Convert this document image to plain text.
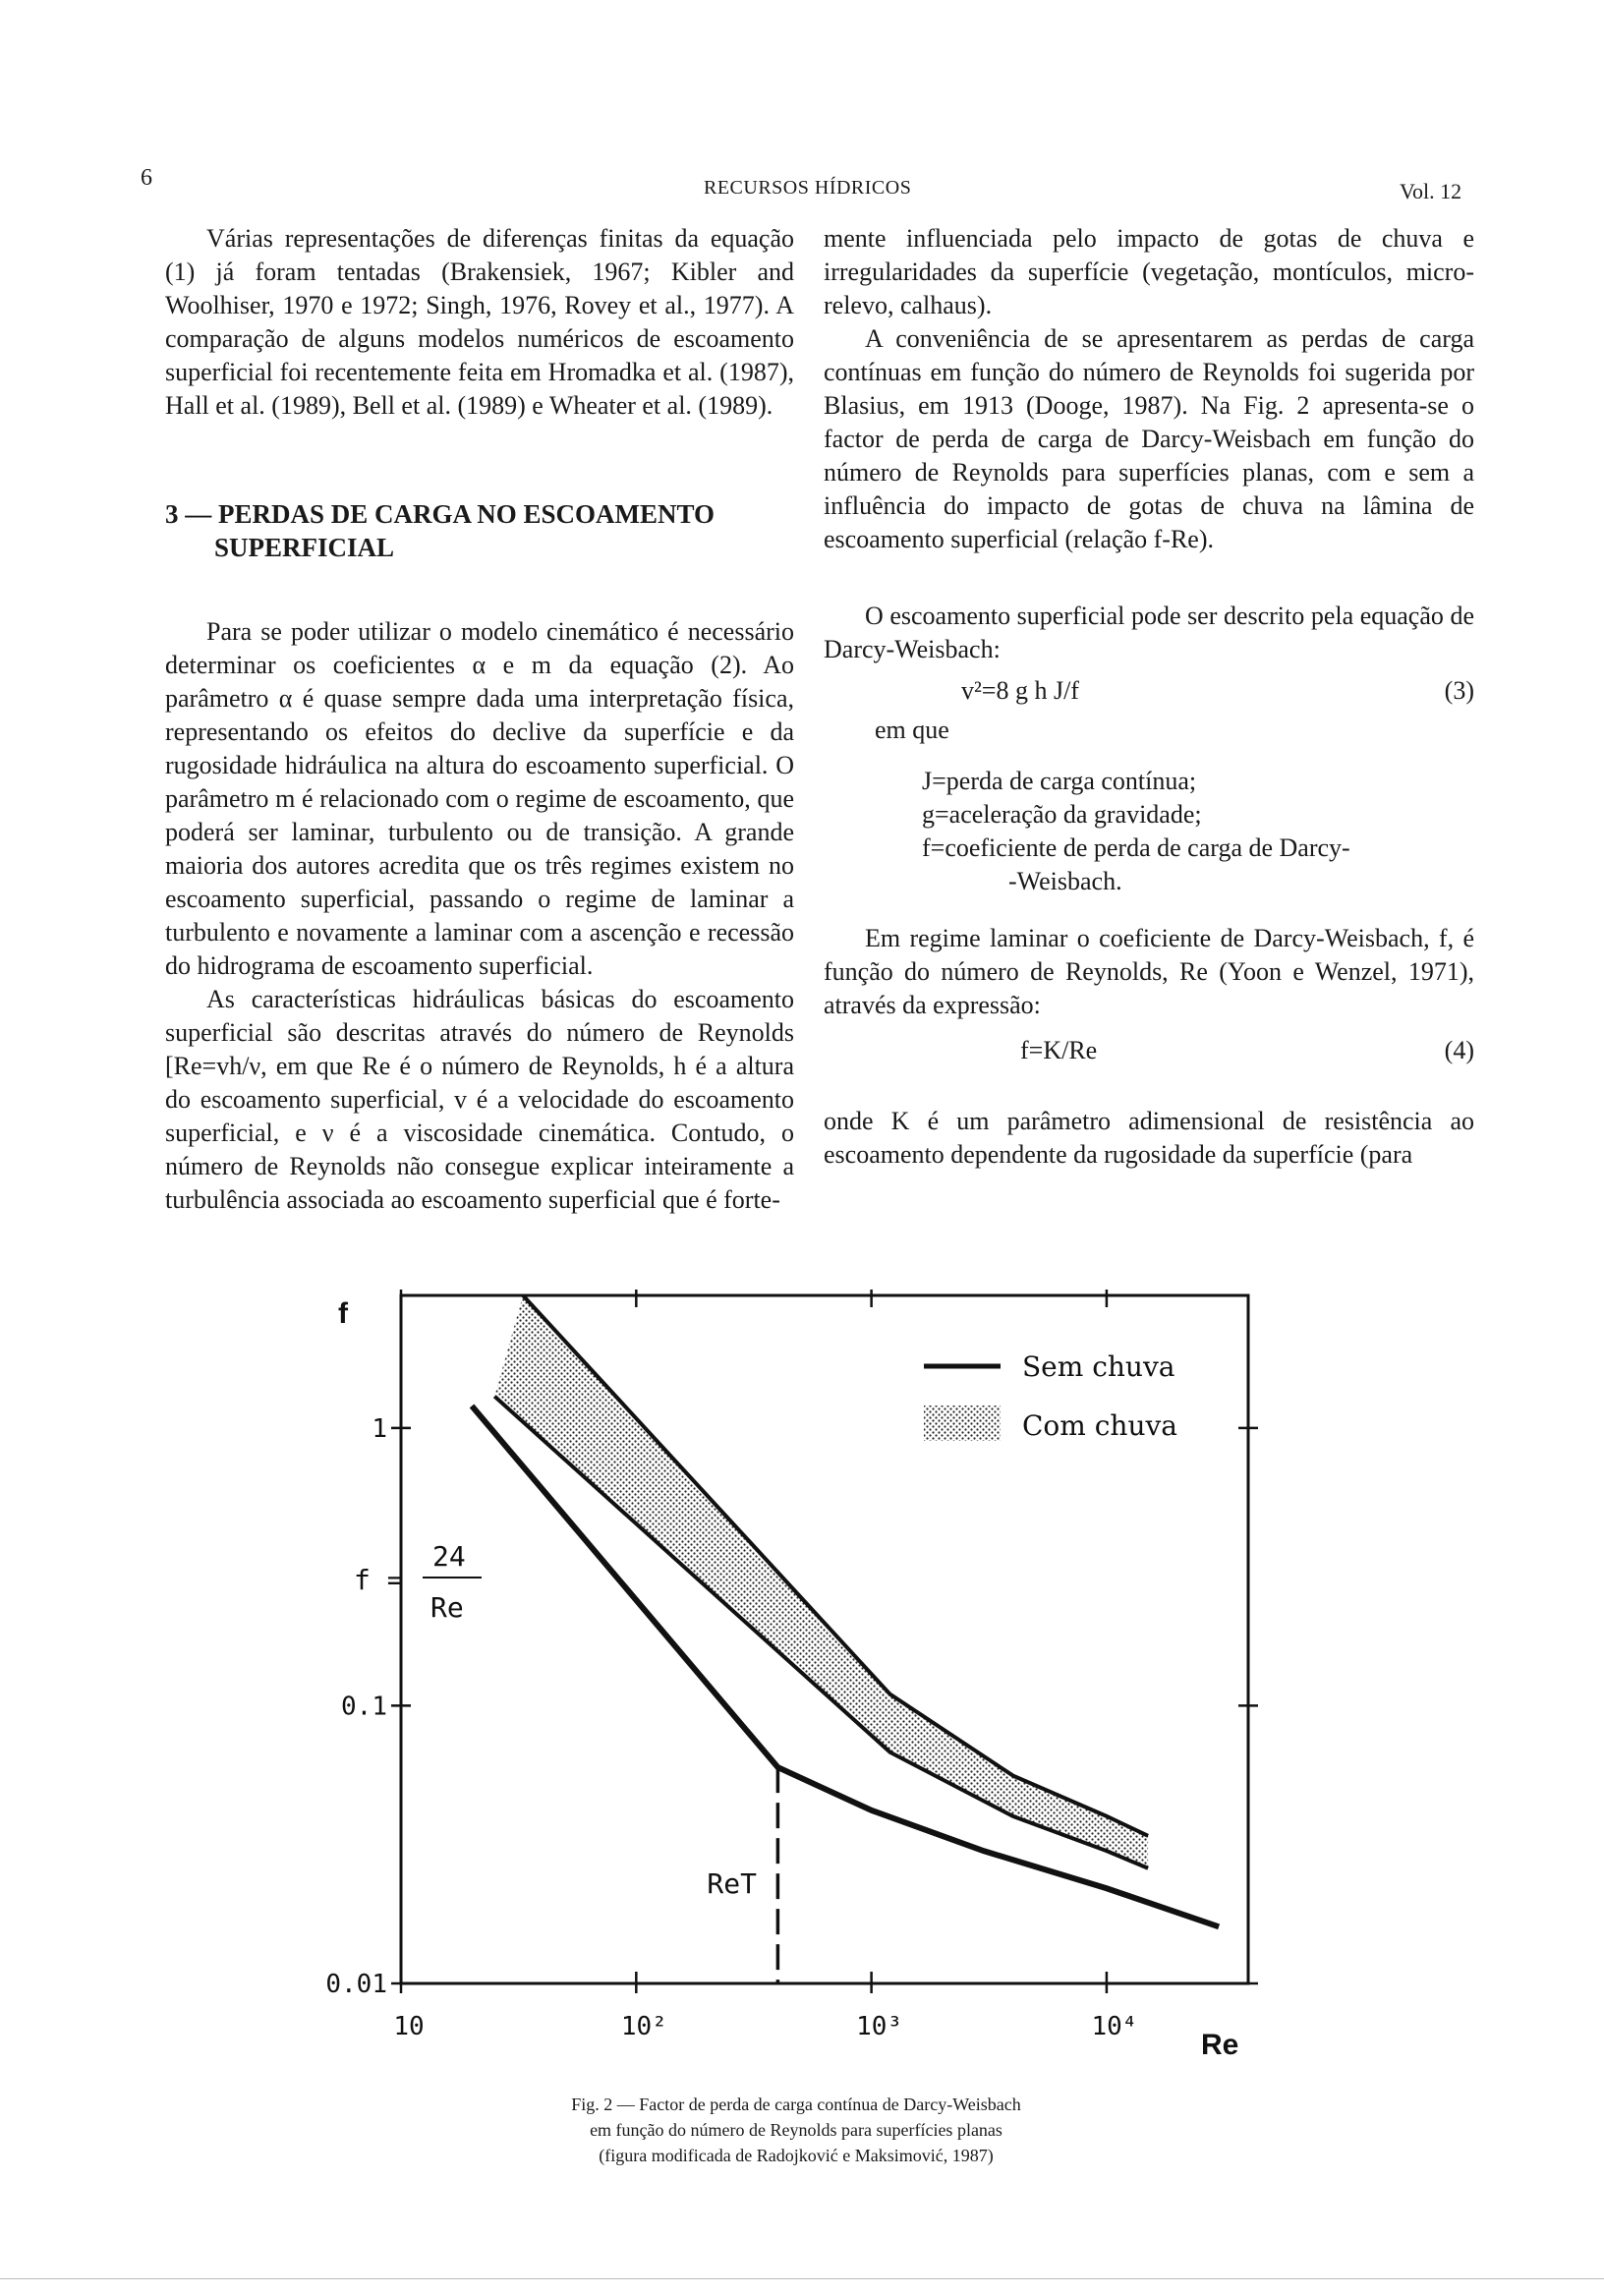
6	RECURSOS HÍDRICOS	Vol. 12

Várias representações de diferenças finitas da equação (1) já foram tentadas (Brakensiek, 1967; Kibler and Woolhiser, 1970 e 1972; Singh, 1976, Rovey et al., 1977). A comparação de alguns modelos numéricos de escoamento superficial foi recentemente feita em Hromadka et al. (1987), Hall et al. (1989), Bell et al. (1989) e Wheater et al. (1989).

3 — PERDAS DE CARGA NO ESCOAMENTO
SUPERFICIAL

Para se poder utilizar o modelo cinemático é necessário determinar os coeficientes α e m da equação (2). Ao parâmetro α é quase sempre dada uma interpretação física, representando os efeitos do declive da superfície e da rugosidade hidráulica na altura do escoamento superficial. O parâmetro m é relacionado com o regime de escoamento, que poderá ser laminar, turbulento ou de transição. A grande maioria dos autores acredita que os três regimes existem no escoamento superficial, passando o regime de laminar a turbulento e novamente a laminar com a ascenção e recessão do hidrograma de escoamento superficial.

As características hidráulicas básicas do escoamento superficial são descritas através do número de Reynolds [Re=vh/ν, em que Re é o número de Reynolds, h é a altura do escoamento superficial, v é a velocidade do escoamento superficial, e ν é a viscosidade cinemática. Contudo, o número de Reynolds não consegue explicar inteiramente a turbulência associada ao escoamento superficial que é forte-

mente influenciada pelo impacto de gotas de chuva e irregularidades da superfície (vegetação, montículos, micro-relevo, calhaus).

A conveniência de se apresentarem as perdas de carga contínuas em função do número de Reynolds foi sugerida por Blasius, em 1913 (Dooge, 1987). Na Fig. 2 apresenta-se o factor de perda de carga de Darcy-Weisbach em função do número de Reynolds para superfícies planas, com e sem a influência do impacto de gotas de chuva na lâmina de escoamento superficial (relação f-Re).

O escoamento superficial pode ser descrito pela equação de Darcy-Weisbach:

v²=8 g h J/f	(3)

em que

J=perda de carga contínua;
g=aceleração da gravidade;
f=coeficiente de perda de carga de Darcy-
-Weisbach.

Em regime laminar o coeficiente de Darcy-Weisbach, f, é função do número de Reynolds, Re (Yoon e Wenzel, 1971), através da expressão:

f=K/Re	(4)

onde K é um parâmetro adimensional de resistência ao escoamento dependente da rugosidade da superfície (para

1
0.1
0.01
10	10²	10³	10⁴
f
Re
ReT
f =
24
Re
Sem chuva
Com chuva
Fig. 2 — Factor de perda de carga contínua de Darcy-Weisbach
em função do número de Reynolds para superfícies planas
(figura modificada de Radojković e Maksimović, 1987)
